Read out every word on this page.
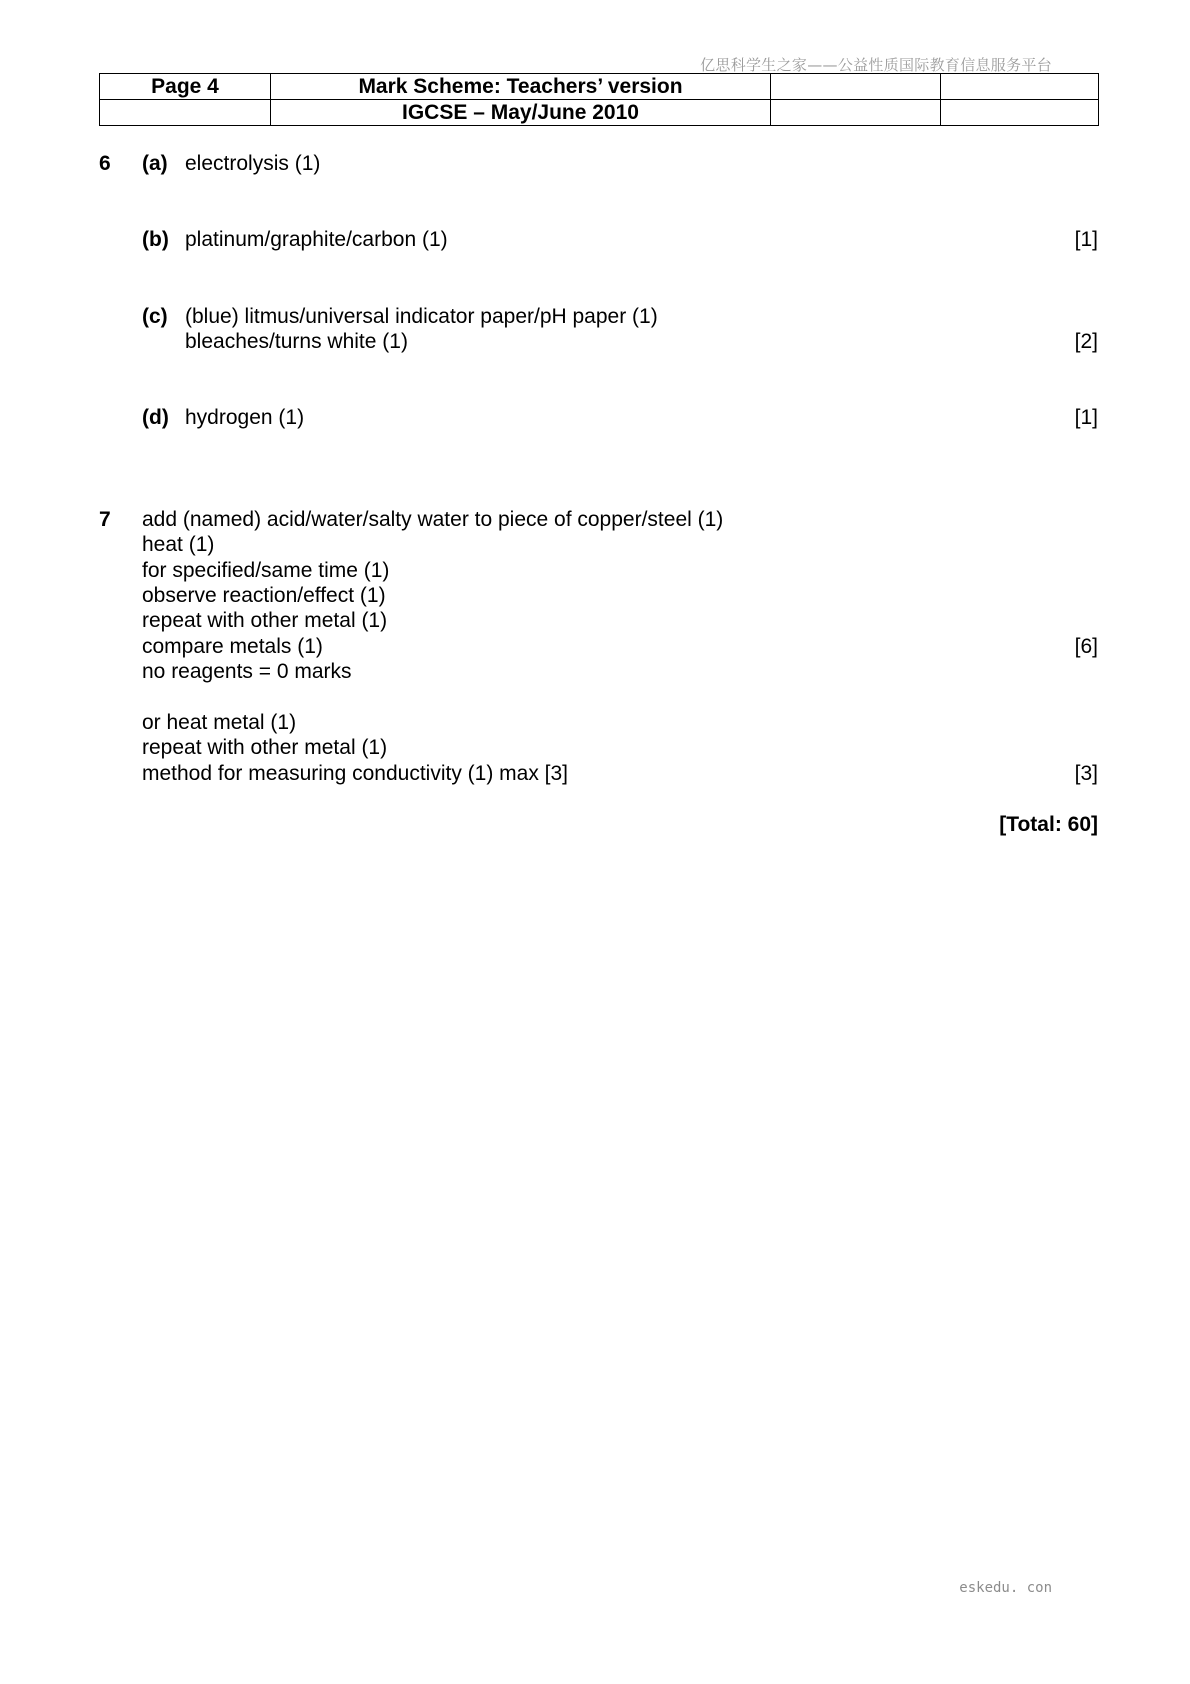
亿思科学生之家——公益性质国际教育信息服务平台
Page 4	Mark Scheme: Teachers’ version		
	IGCSE – May/June 2010		
6 (a) electrolysis (1)
(b) platinum/graphite/carbon (1)	[1]
(c) (blue) litmus/universal indicator paper/pH paper (1)
bleaches/turns white (1)	[2]
(d) hydrogen (1)	[1]
7 add (named) acid/water/salty water to piece of copper/steel (1)
heat (1)
for specified/same time (1)
observe reaction/effect (1)
repeat with other metal (1)
compare metals (1)	[6]
no reagents = 0 marks
or heat metal (1)
repeat with other metal (1)
method for measuring conductivity (1) max [3]	[3]
[Total: 60]
eskedu. con
